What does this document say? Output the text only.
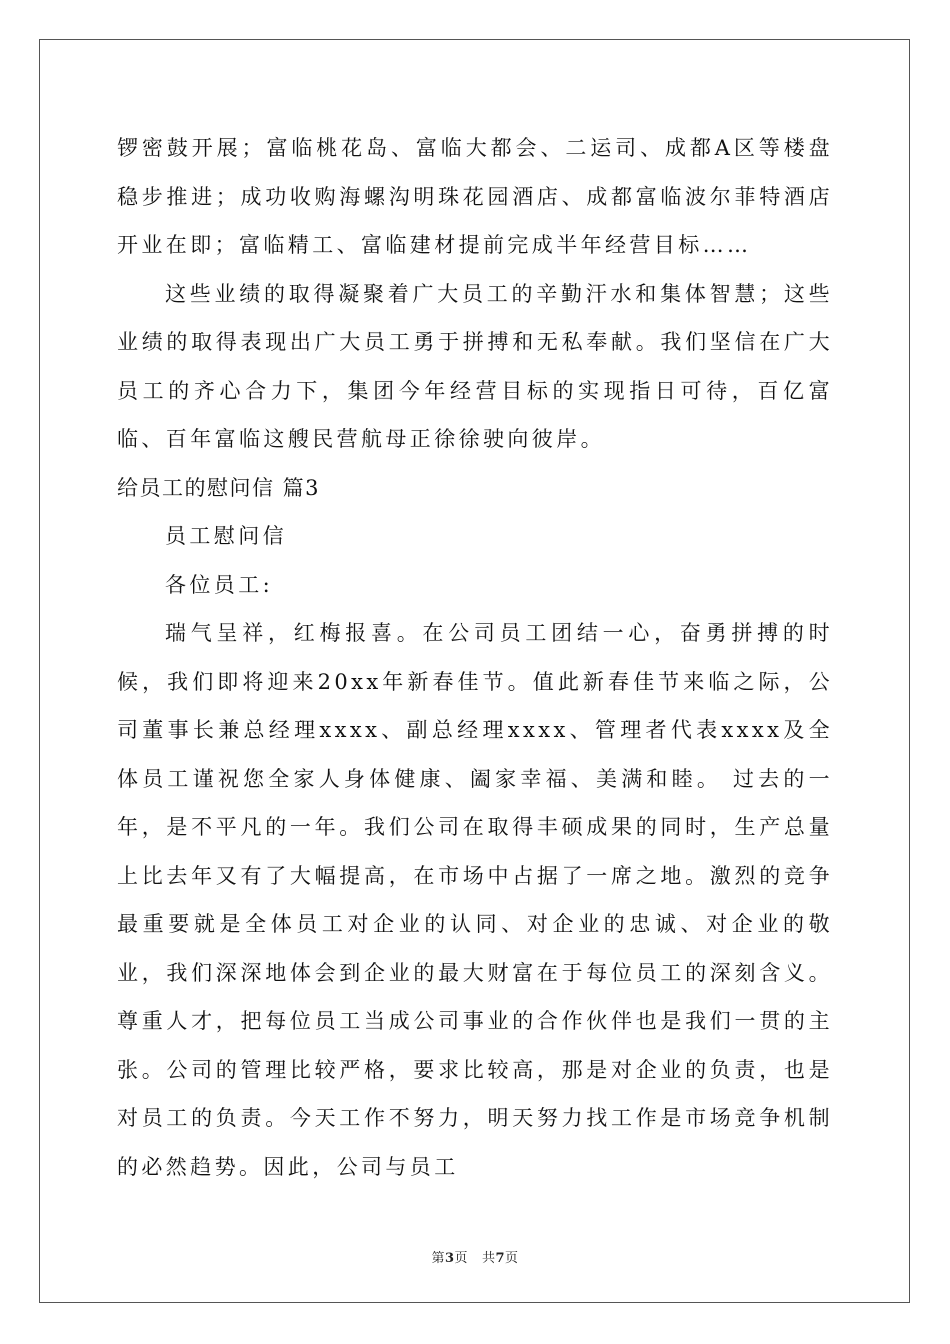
锣密鼓开展；富临桃花岛、富临大都会、二运司、成都A区等楼盘稳步推进；成功收购海螺沟明珠花园酒店、成都富临波尔菲特酒店开业在即；富临精工、富临建材提前完成半年经营目标……

这些业绩的取得凝聚着广大员工的辛勤汗水和集体智慧；这些业绩的取得表现出广大员工勇于拼搏和无私奉献。我们坚信在广大员工的齐心合力下，集团今年经营目标的实现指日可待，百亿富临、百年富临这艘民营航母正徐徐驶向彼岸。

给员工的慰问信 篇3

员工慰问信

各位员工:

瑞气呈祥，红梅报喜。在公司员工团结一心，奋勇拼搏的时候，我们即将迎来20xx年新春佳节。值此新春佳节来临之际，公司董事长兼总经理xxxx、副总经理xxxx、管理者代表xxxx及全体员工谨祝您全家人身体健康、阖家幸福、美满和睦。 过去的一年，是不平凡的一年。我们公司在取得丰硕成果的同时，生产总量上比去年又有了大幅提高，在市场中占据了一席之地。激烈的竞争最重要就是全体员工对企业的认同、对企业的忠诚、对企业的敬业，我们深深地体会到企业的最大财富在于每位员工的深刻含义。尊重人才，把每位员工当成公司事业的合作伙伴也是我们一贯的主张。公司的管理比较严格，要求比较高，那是对企业的负责，也是对员工的负责。今天工作不努力，明天努力找工作是市场竞争机制的必然趋势。因此，公司与员工

第3页 共7页
